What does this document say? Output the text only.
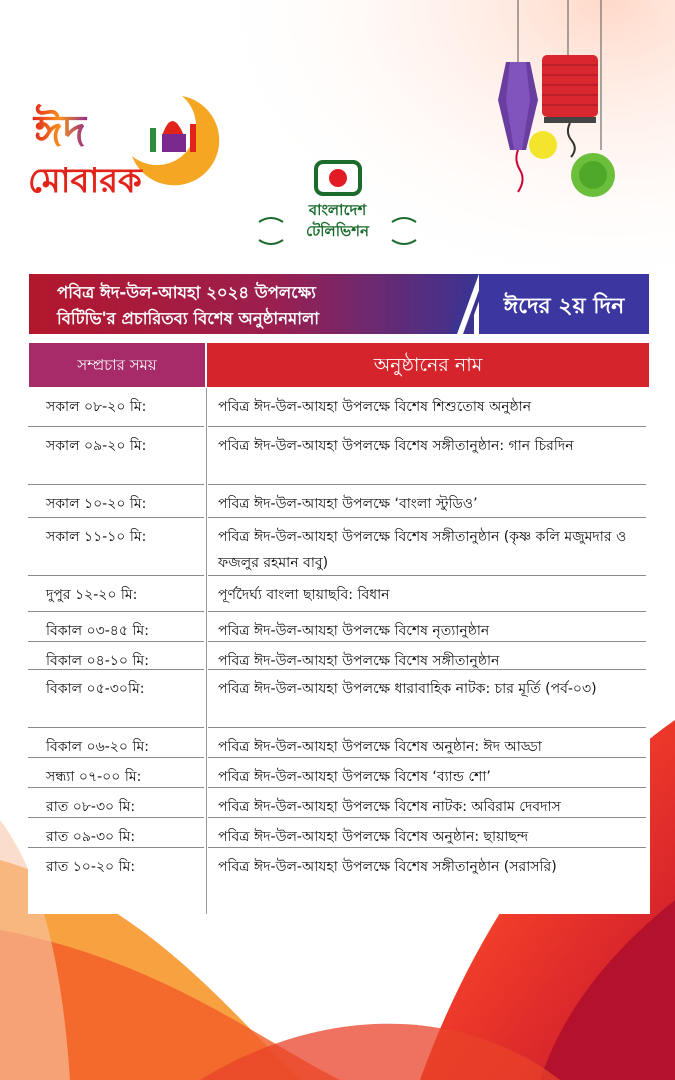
ঈদ
মোবারক
বাংলাদেশ
টেলিভিশন
পবিত্র ঈদ-উল-আযহা ২০২৪ উপলক্ষ্যে
বিটিভি'র প্রচারিতব্য বিশেষ অনুষ্ঠানমালা	ঈদের ২য় দিন
সম্প্রচার সময়	অনুষ্ঠানের নাম
সকাল ০৮-২০ মি:	পবিত্র ঈদ-উল-আযহা উপলক্ষে বিশেষ শিশুতোষ অনুষ্ঠান
সকাল ০৯-২০ মি:	পবিত্র ঈদ-উল-আযহা উপলক্ষে বিশেষ সঙ্গীতানুষ্ঠান: গান চিরদিন
সকাল ১০-২০ মি:	পবিত্র ঈদ-উল-আযহা উপলক্ষে ‘বাংলা স্টুডিও’
সকাল ১১-১০ মি:	পবিত্র ঈদ-উল-আযহা উপলক্ষে বিশেষ সঙ্গীতানুষ্ঠান (কৃষ্ণ কলি মজুমদার ও ফজলুর রহমান বাবু)
দুপুর ১২-২০ মি:	পূর্ণদৈর্ঘ্য বাংলা ছায়াছবি: বিধান
বিকাল ০৩-৪৫ মি:	পবিত্র ঈদ-উল-আযহা উপলক্ষে বিশেষ নৃত্যানুষ্ঠান
বিকাল ০৪-১০ মি:	পবিত্র ঈদ-উল-আযহা উপলক্ষে বিশেষ সঙ্গীতানুষ্ঠান
বিকাল ০৫-৩০মি:	পবিত্র ঈদ-উল-আযহা উপলক্ষে ধারাবাহিক নাটক: চার মূর্তি (পর্ব-০৩)
বিকাল ০৬-২০ মি:	পবিত্র ঈদ-উল-আযহা উপলক্ষে বিশেষ অনুষ্ঠান: ঈদ আড্ডা
সন্ধ্যা ০৭-০০ মি:	পবিত্র ঈদ-উল-আযহা উপলক্ষে বিশেষ ‘ব্যান্ড শো’
রাত ০৮-৩০ মি:	পবিত্র ঈদ-উল-আযহা উপলক্ষে বিশেষ নাটক: অবিরাম দেবদাস
রাত ০৯-৩০ মি:	পবিত্র ঈদ-উল-আযহা উপলক্ষে বিশেষ অনুষ্ঠান: ছায়াছন্দ
রাত ১০-২০ মি:	পবিত্র ঈদ-উল-আযহা উপলক্ষে বিশেষ সঙ্গীতানুষ্ঠান (সরাসরি)
